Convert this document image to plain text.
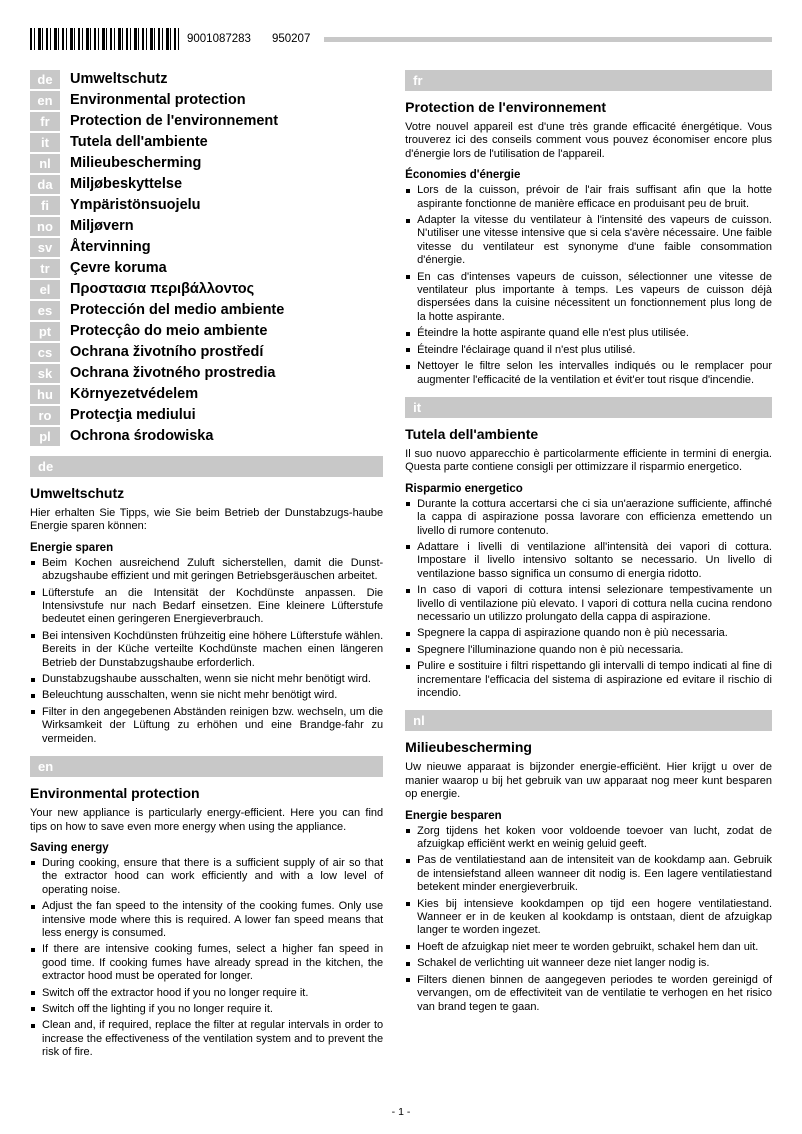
9001087283 950207
de	Umweltschutz
en	Environmental protection
fr	Protection de l'environnement
it	Tutela dell'ambiente
nl	Milieubescherming
da	Miljøbeskyttelse
fi	Ympäristönsuojelu
no	Miljøvern
sv	Återvinning
tr	Çevre koruma
el	Προστασια περιβάλλοντος
es	Protección del medio ambiente
pt	Protecçâo do meio ambiente
cs	Ochrana životního prostředí
sk	Ochrana životného prostredia
hu	Környezetvédelem
ro	Protecţia mediului
pl	Ochrona środowiska
de
Umweltschutz

Hier erhalten Sie Tipps, wie Sie beim Betrieb der Dunstabzugs-haube Energie sparen können:

Energie sparen
Beim Kochen ausreichend Zuluft sicherstellen, damit die Dunst-abzugshaube effizient und mit geringen Betriebsgeräuschen arbeitet.
Lüfterstufe an die Intensität der Kochdünste anpassen. Die Intensivstufe nur nach Bedarf einsetzen. Eine kleinere Lüfterstufe bedeutet einen geringeren Energieverbrauch.
Bei intensiven Kochdünsten frühzeitig eine höhere Lüfterstufe wählen. Bereits in der Küche verteilte Kochdünste machen einen längeren Betrieb der Dunstabzugshaube erforderlich.
Dunstabzugshaube ausschalten, wenn sie nicht mehr benötigt wird.
Beleuchtung ausschalten, wenn sie nicht mehr benötigt wird.
Filter in den angegebenen Abständen reinigen bzw. wechseln, um die Wirksamkeit der Lüftung zu erhöhen und eine Brandge-fahr zu vermeiden.
en
Environmental protection

Your new appliance is particularly energy-efficient. Here you can find tips on how to save even more energy when using the appliance.

Saving energy
During cooking, ensure that there is a sufficient supply of air so that the extractor hood can work efficiently and with a low level of operating noise.
Adjust the fan speed to the intensity of the cooking fumes. Only use intensive mode where this is required. A lower fan speed means that less energy is consumed.
If there are intensive cooking fumes, select a higher fan speed in good time. If cooking fumes have already spread in the kitchen, the extractor hood must be operated for longer.
Switch off the extractor hood if you no longer require it.
Switch off the lighting if you no longer require it.
Clean and, if required, replace the filter at regular intervals in order to increase the effectiveness of the ventilation system and to prevent the risk of fire.
fr
Protection de l'environnement

Votre nouvel appareil est d'une très grande efficacité énergétique. Vous trouverez ici des conseils comment vous pouvez économiser encore plus d'énergie lors de l'utilisation de l'appareil.

Économies d'énergie
Lors de la cuisson, prévoir de l'air frais suffisant afin que la hotte aspirante fonctionne de manière efficace en produisant peu de bruit.
Adapter la vitesse du ventilateur à l'intensité des vapeurs de cuisson. N'utiliser une vitesse intensive que si cela s'avère nécessaire. Une faible vitesse du ventilateur est synonyme d'une faible consommation d'énergie.
En cas d'intenses vapeurs de cuisson, sélectionner une vitesse de ventilateur plus importante à temps. Les vapeurs de cuisson déjà dispersées dans la cuisine nécessitent un fonctionnement plus long de la hotte aspirante.
Éteindre la hotte aspirante quand elle n'est plus utilisée.
Éteindre l'éclairage quand il n'est plus utilisé.
Nettoyer le filtre selon les intervalles indiqués ou le remplacer pour augmenter l'efficacité de la ventilation et évit'er tout risque d'incendie.
it
Tutela dell'ambiente

Il suo nuovo apparecchio è particolarmente efficiente in termini di energia. Questa parte contiene consigli per ottimizzare il risparmio energetico.

Risparmio energetico
Durante la cottura accertarsi che ci sia un'aerazione sufficiente, affinché la cappa di aspirazione possa lavorare con efficienza emettendo un livello di rumore contenuto.
Adattare i livelli di ventilazione all'intensità dei vapori di cottura. Impostare il livello intensivo soltanto se necessario. Un livello di ventilazione basso significa un consumo di energia ridotto.
In caso di vapori di cottura intensi selezionare tempestivamente un livello di ventilazione più elevato. I vapori di cottura nella cucina rendono necessario un utilizzo prolungato della cappa di aspirazione.
Spegnere la cappa di aspirazione quando non è più necessaria.
Spegnere l'illuminazione quando non è più necessaria.
Pulire e sostituire i filtri rispettando gli intervalli di tempo indicati al fine di incrementare l'efficacia del sistema di aspirazione ed evitare il rischio di incendio.
nl
Milieubescherming

Uw nieuwe apparaat is bijzonder energie-efficiënt. Hier krijgt u over de manier waarop u bij het gebruik van uw apparaat nog meer kunt besparen op energie.

Energie besparen
Zorg tijdens het koken voor voldoende toevoer van lucht, zodat de afzuigkap efficiënt werkt en weinig geluid geeft.
Pas de ventilatiestand aan de intensiteit van de kookdamp aan. Gebruik de intensiefstand alleen wanneer dit nodig is. Een lagere ventilatiestand betekent minder energieverbruik.
Kies bij intensieve kookdampen op tijd een hogere ventilatiestand. Wanneer er in de keuken al kookdamp is ontstaan, dient de afzuigkap langer te worden ingezet.
Hoeft de afzuigkap niet meer te worden gebruikt, schakel hem dan uit.
Schakel de verlichting uit wanneer deze niet langer nodig is.
Filters dienen binnen de aangegeven periodes te worden gereinigd of vervangen, om de effectiviteit van de ventilatie te verhogen en het risico van brand tegen te gaan.
- 1 -
